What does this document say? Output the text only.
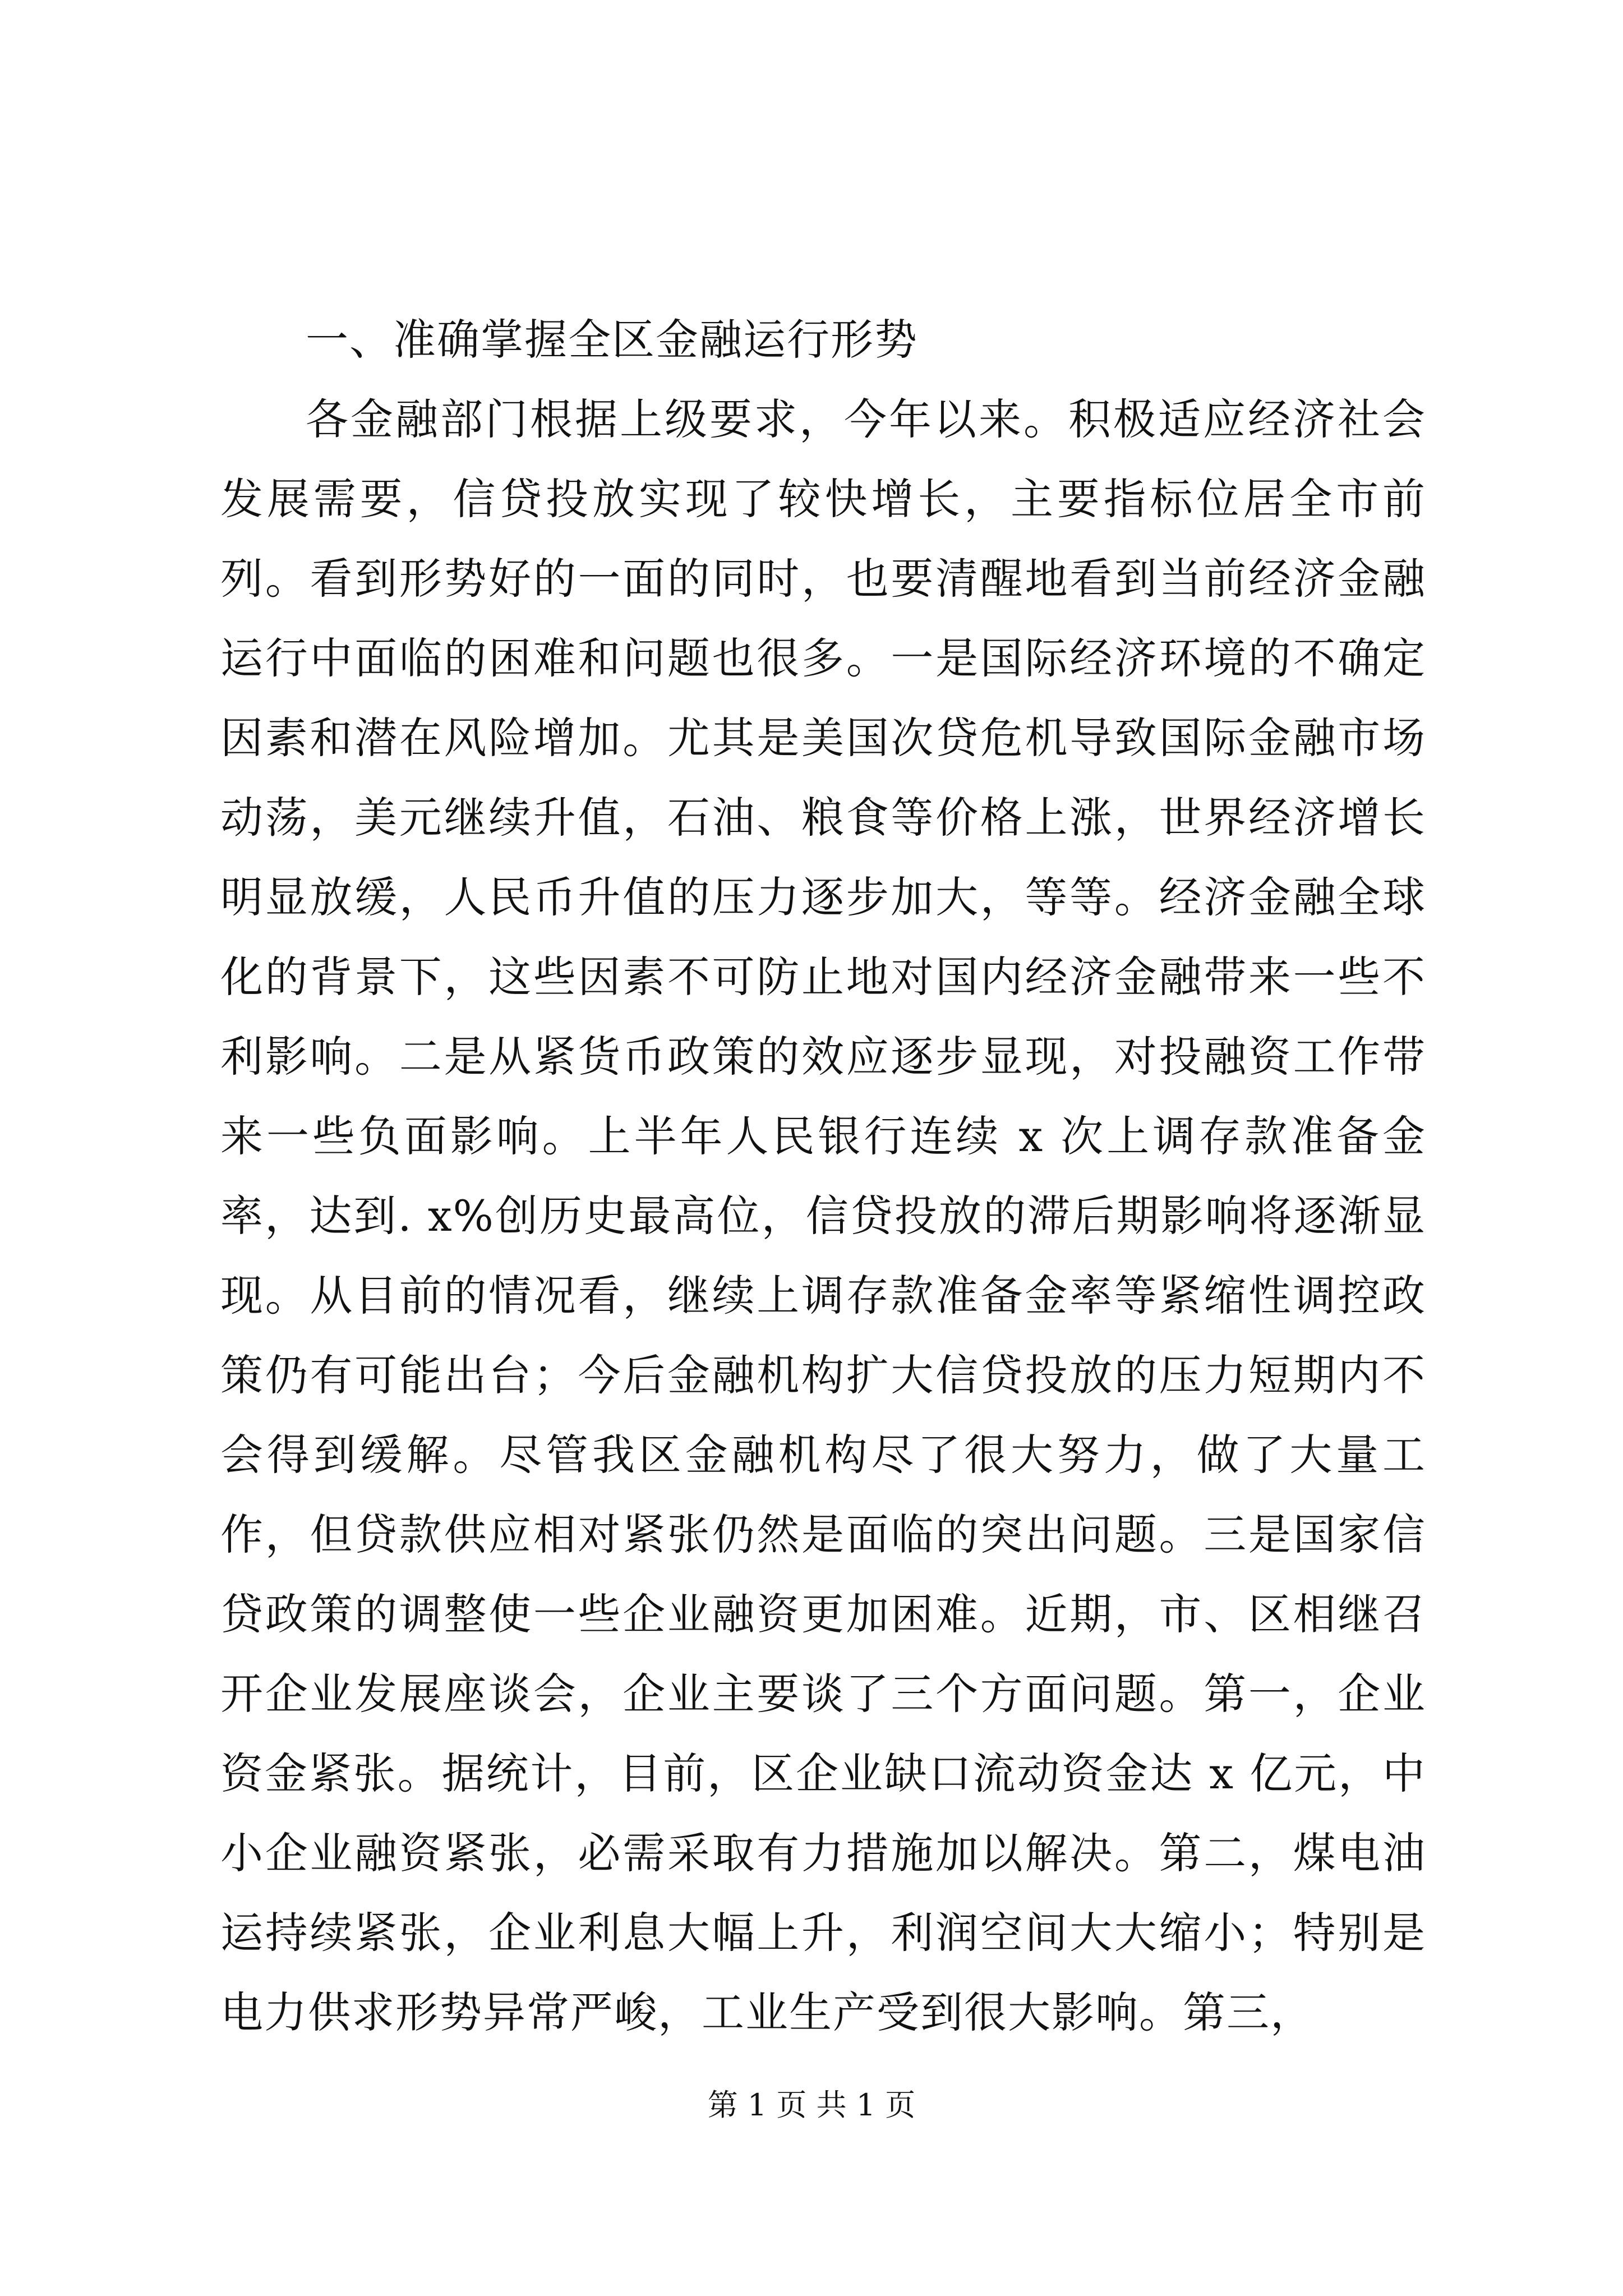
一、准确掌握全区金融运行形势

各金融部门根据上级要求，今年以来。积极适应经济社会发展需要，信贷投放实现了较快增长，主要指标位居全市前列。看到形势好的一面的同时，也要清醒地看到当前经济金融运行中面临的困难和问题也很多。一是国际经济环境的不确定因素和潜在风险增加。尤其是美国次贷危机导致国际金融市场动荡，美元继续升值，石油、粮食等价格上涨，世界经济增长明显放缓，人民币升值的压力逐步加大，等等。经济金融全球化的背景下，这些因素不可防止地对国内经济金融带来一些不利影响。二是从紧货币政策的效应逐步显现，对投融资工作带来一些负面影响。上半年人民银行连续 x 次上调存款准备金率，达到. x%创历史最高位，信贷投放的滞后期影响将逐渐显现。从目前的情况看，继续上调存款准备金率等紧缩性调控政策仍有可能出台；今后金融机构扩大信贷投放的压力短期内不会得到缓解。尽管我区金融机构尽了很大努力，做了大量工作，但贷款供应相对紧张仍然是面临的突出问题。三是国家信贷政策的调整使一些企业融资更加困难。近期，市、区相继召开企业发展座谈会，企业主要谈了三个方面问题。第一，企业资金紧张。据统计，目前，区企业缺口流动资金达 x 亿元，中小企业融资紧张，必需采取有力措施加以解决。第二，煤电油运持续紧张，企业利息大幅上升，利润空间大大缩小；特别是电力供求形势异常严峻，工业生产受到很大影响。第三，

第 1 页 共 1 页
